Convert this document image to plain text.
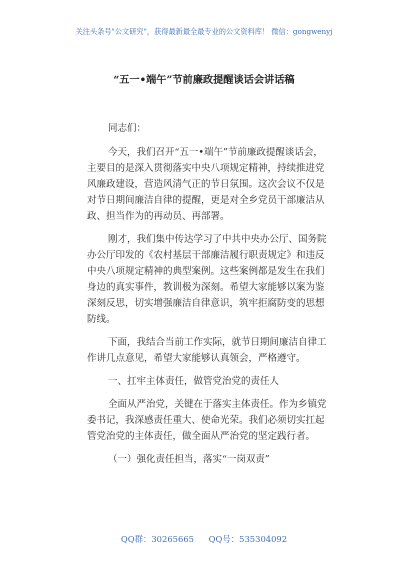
关注头条号"公文研究"，获得最新最全最专业的公文资料库！ 微信：gongwenyj
“五一•端午”节前廉政提醒谈话会讲话稿
同志们：
今天，我们召开“五一•端午”节前廉政提醒谈话会，
主要目的是深入贯彻落实中央八项规定精神，持续推进党
风廉政建设，营造风清气正的节日氛围。这次会议不仅是
对节日期间廉洁自律的提醒，更是对全乡党员干部廉洁从
政、担当作为的再动员、再部署。
刚才，我们集中传达学习了中共中央办公厅、国务院
办公厅印发的《农村基层干部廉洁履行职责规定》和违反
中央八项规定精神的典型案例。这些案例都是发生在我们
身边的真实事件，教训极为深刻。希望大家能够以案为鉴
深刻反思，切实增强廉洁自律意识，筑牢拒腐防变的思想
防线。
下面，我结合当前工作实际，就节日期间廉洁自律工
作讲几点意见，希望大家能够认真领会，严格遵守。
一、扛牢主体责任，做管党治党的责任人
全面从严治党，关键在于落实主体责任。作为乡镇党
委书记，我深感责任重大、使命光荣。我们必须切实扛起
管党治党的主体责任，做全面从严治党的坚定践行者。
（一）强化责任担当，落实“一岗双责”
QQ群：30265665 QQ号：535304092
